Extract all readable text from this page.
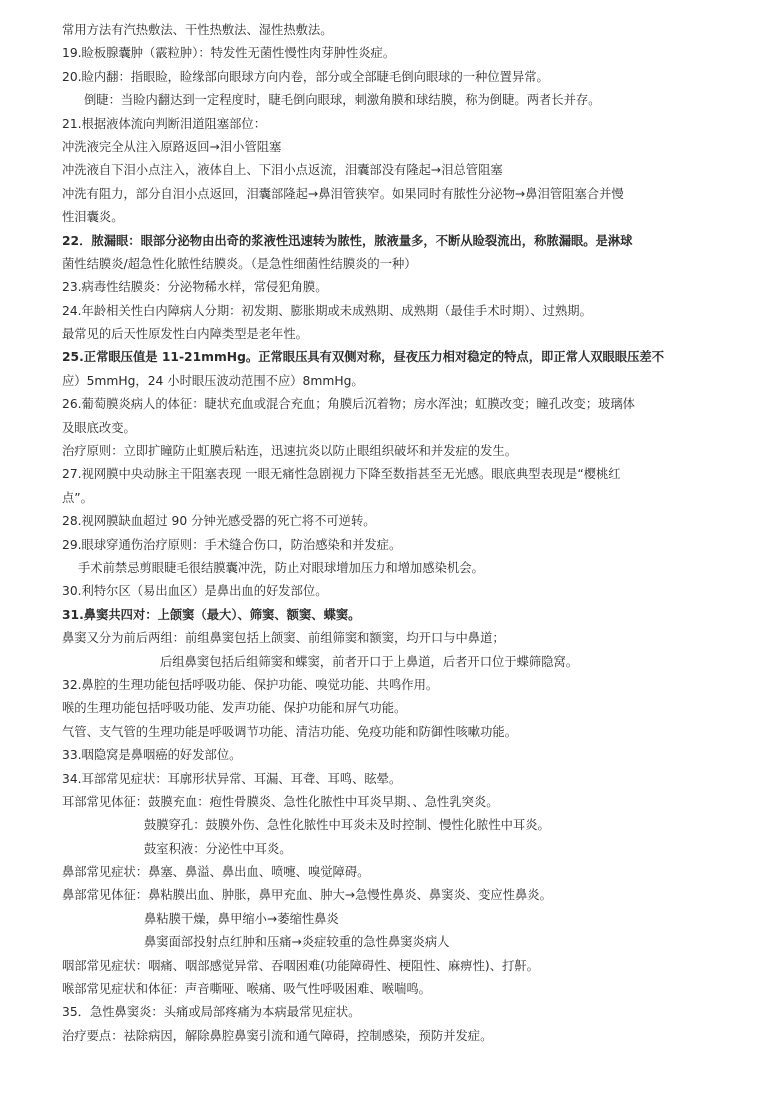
常用方法有汽热敷法、干性热敷法、湿性热敷法。
19.睑板腺囊肿（霰粒肿）：特发性无菌性慢性肉芽肿性炎症。
20.睑内翻：指眼睑，睑缘部向眼球方向内卷，部分或全部睫毛倒向眼球的一种位置异常。
倒睫：当睑内翻达到一定程度时，睫毛倒向眼球，刺激角膜和球结膜，称为倒睫。两者长并存。
21.根据液体流向判断泪道阻塞部位：
冲洗液完全从注入原路返回→泪小管阻塞
冲洗液自下泪小点注入，液体自上、下泪小点返流，泪囊部没有隆起→泪总管阻塞
冲洗有阻力，部分自泪小点返回，泪囊部隆起→鼻泪管狭窄。如果同时有脓性分泌物→鼻泪管阻塞合并慢
性泪囊炎。
22．脓漏眼：眼部分泌物由出奇的浆液性迅速转为脓性，脓液量多，不断从睑裂流出，称脓漏眼。是淋球
菌性结膜炎/超急性化脓性结膜炎。（是急性细菌性结膜炎的一种）
23.病毒性结膜炎：分泌物稀水样，常侵犯角膜。
24.年龄相关性白内障病人分期：初发期、膨胀期或未成熟期、成熟期（最佳手术时期）、过熟期。
最常见的后天性原发性白内障类型是老年性。
25.正常眼压值是 11-21mmHg。正常眼压具有双侧对称，昼夜压力相对稳定的特点，即正常人双眼眼压差不
应）5mmHg，24 小时眼压波动范围不应）8mmHg。
26.葡萄膜炎病人的体征：睫状充血或混合充血；角膜后沉着物；房水浑浊；虹膜改变；瞳孔改变；玻璃体
及眼底改变。
治疗原则：立即扩瞳防止虹膜后粘连，迅速抗炎以防止眼组织破坏和并发症的发生。
27.视网膜中央动脉主干阻塞表现 一眼无痛性急剧视力下降至数指甚至无光感。眼底典型表现是“樱桃红
点”。
28.视网膜缺血超过 90 分钟光感受器的死亡将不可逆转。
29.眼球穿通伤治疗原则：手术缝合伤口，防治感染和并发症。
手术前禁忌剪眼睫毛很结膜囊冲洗，防止对眼球增加压力和增加感染机会。
30.利特尔区（易出血区）是鼻出血的好发部位。
31.鼻窦共四对：上颌窦（最大）、筛窦、额窦、蝶窦。
鼻窦又分为前后两组：前组鼻窦包括上颌窦、前组筛窦和额窦，均开口与中鼻道；
后组鼻窦包括后组筛窦和蝶窦，前者开口于上鼻道，后者开口位于蝶筛隐窝。
32.鼻腔的生理功能包括呼吸功能、保护功能、嗅觉功能、共鸣作用。
喉的生理功能包括呼吸功能、发声功能、保护功能和屏气功能。
气管、支气管的生理功能是呼吸调节功能、清洁功能、免疫功能和防御性咳嗽功能。
33.咽隐窝是鼻咽癌的好发部位。
34.耳部常见症状：耳廓形状异常、耳漏、耳聋、耳鸣、眩晕。
耳部常见体征：鼓膜充血：疱性骨膜炎、急性化脓性中耳炎早期、、急性乳突炎。
鼓膜穿孔：鼓膜外伤、急性化脓性中耳炎未及时控制、慢性化脓性中耳炎。
鼓室积液：分泌性中耳炎。
鼻部常见症状：鼻塞、鼻溢、鼻出血、喷嚏、嗅觉障碍。
鼻部常见体征：鼻粘膜出血、肿胀，鼻甲充血、肿大→急慢性鼻炎、鼻窦炎、变应性鼻炎。
鼻粘膜干燥，鼻甲缩小→萎缩性鼻炎
鼻窦面部投射点红肿和压痛→炎症较重的急性鼻窦炎病人
咽部常见症状：咽痛、咽部感觉异常、吞咽困难(功能障碍性、梗阻性、麻痹性)、打鼾。
喉部常见症状和体征：声音嘶哑、喉痛、吸气性呼吸困难、喉喘鸣。
35．急性鼻窦炎：头痛或局部疼痛为本病最常见症状。
治疗要点：祛除病因，解除鼻腔鼻窦引流和通气障碍，控制感染，预防并发症。
